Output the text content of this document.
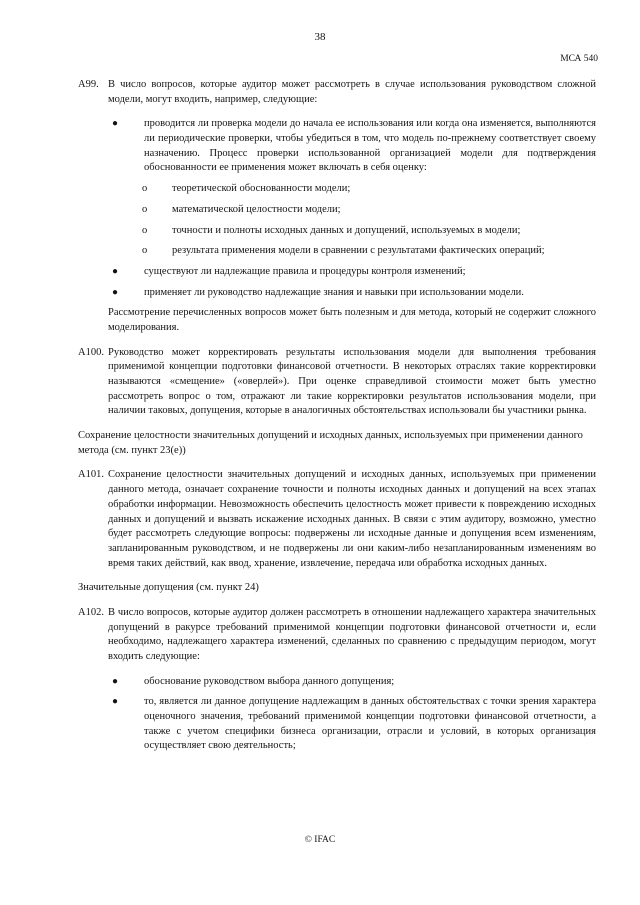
38
МСА 540
A99. В число вопросов, которые аудитор может рассмотреть в случае использования руководством сложной модели, могут входить, например, следующие:
●	проводится ли проверка модели до начала ее использования или когда она изменяется, выполняются ли периодические проверки, чтобы убедиться в том, что модель по-прежнему соответствует своему назначению. Процесс проверки использованной организацией модели для подтверждения обоснованности ее применения может включать в себя оценку:
o	теоретической обоснованности модели;
o	математической целостности модели;
o	точности и полноты исходных данных и допущений, используемых в модели;
o	результата применения модели в сравнении с результатами фактических операций;
●	существуют ли надлежащие правила и процедуры контроля изменений;
●	применяет ли руководство надлежащие знания и навыки при использовании модели.
Рассмотрение перечисленных вопросов может быть полезным и для метода, который не содержит сложного моделирования.
A100. Руководство может корректировать результаты использования модели для выполнения требования применимой концепции подготовки финансовой отчетности. В некоторых отраслях такие корректировки называются «смещение» («оверлей»). При оценке справедливой стоимости может быть уместно рассмотреть вопрос о том, отражают ли такие корректировки результатов использования модели, при наличии таковых, допущения, которые в аналогичных обстоятельствах использовали бы участники рынка.
Сохранение целостности значительных допущений и исходных данных, используемых при применении данного метода (см. пункт 23(е))
A101. Сохранение целостности значительных допущений и исходных данных, используемых при применении данного метода, означает сохранение точности и полноты исходных данных и допущений на всех этапах обработки информации. Невозможность обеспечить целостность может привести к повреждению исходных данных и допущений и вызвать искажение исходных данных. В связи с этим аудитору, возможно, уместно будет рассмотреть следующие вопросы: подвержены ли исходные данные и допущения всем изменениям, запланированным руководством, и не подвержены ли они каким-либо незапланированным изменениям во время таких действий, как ввод, хранение, извлечение, передача или обработка исходных данных.
Значительные допущения (см. пункт 24)
A102. В число вопросов, которые аудитор должен рассмотреть в отношении надлежащего характера значительных допущений в ракурсе требований применимой концепции подготовки финансовой отчетности и, если необходимо, надлежащего характера изменений, сделанных по сравнению с предыдущим периодом, могут входить следующие:
●	обоснование руководством выбора данного допущения;
●	то, является ли данное допущение надлежащим в данных обстоятельствах с точки зрения характера оценочного значения, требований применимой концепции подготовки финансовой отчетности, а также с учетом специфики бизнеса организации, отрасли и условий, в которых организация осуществляет свою деятельность;
© IFAC
